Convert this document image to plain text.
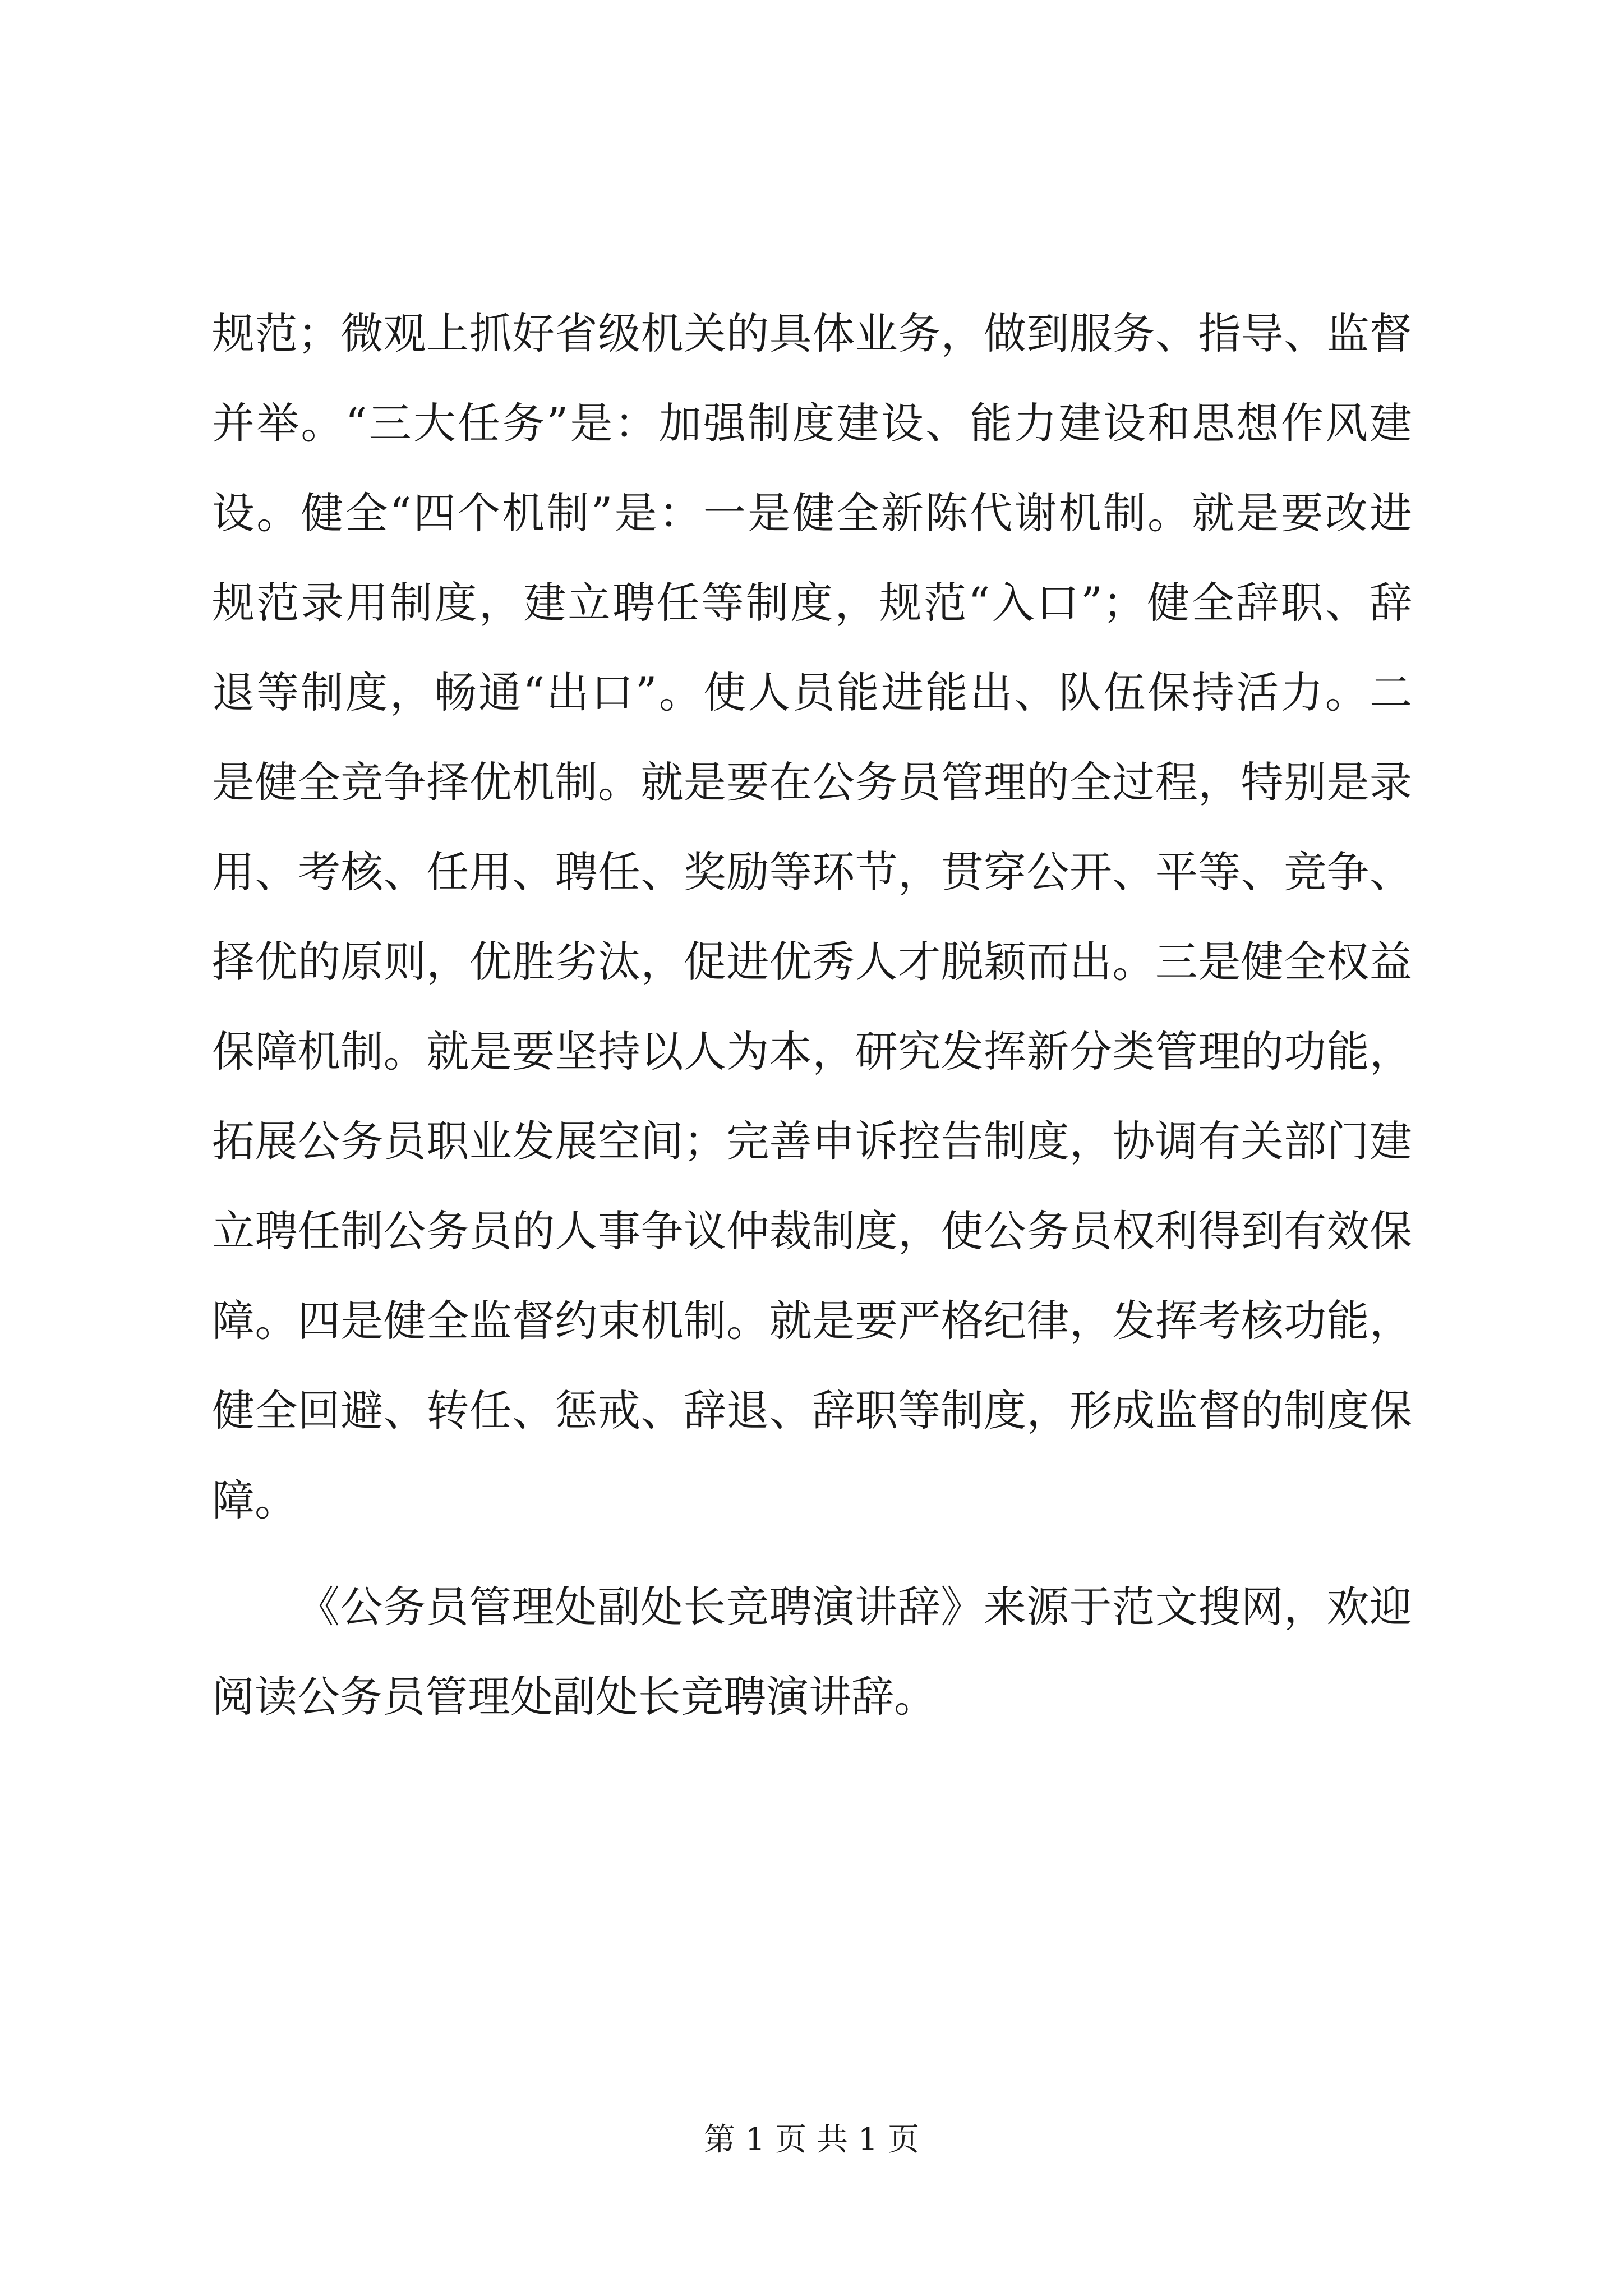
规范；微观上抓好省级机关的具体业务，做到服务、指导、监督
并举。“三大任务”是：加强制度建设、能力建设和思想作风建
设。健全“四个机制”是：一是健全新陈代谢机制。就是要改进
规范录用制度，建立聘任等制度，规范“入口”；健全辞职、辞
退等制度，畅通“出口”。使人员能进能出、队伍保持活力。二
是健全竞争择优机制。就是要在公务员管理的全过程，特别是录
用、考核、任用、聘任、奖励等环节，贯穿公开、平等、竞争、
择优的原则，优胜劣汰，促进优秀人才脱颖而出。三是健全权益
保障机制。就是要坚持以人为本，研究发挥新分类管理的功能，
拓展公务员职业发展空间；完善申诉控告制度，协调有关部门建
立聘任制公务员的人事争议仲裁制度，使公务员权利得到有效保
障。四是健全监督约束机制。就是要严格纪律，发挥考核功能，
健全回避、转任、惩戒、辞退、辞职等制度，形成监督的制度保
障。
《公务员管理处副处长竞聘演讲辞》来源于范文搜网，欢迎
阅读公务员管理处副处长竞聘演讲辞。
第 1 页 共 1 页
